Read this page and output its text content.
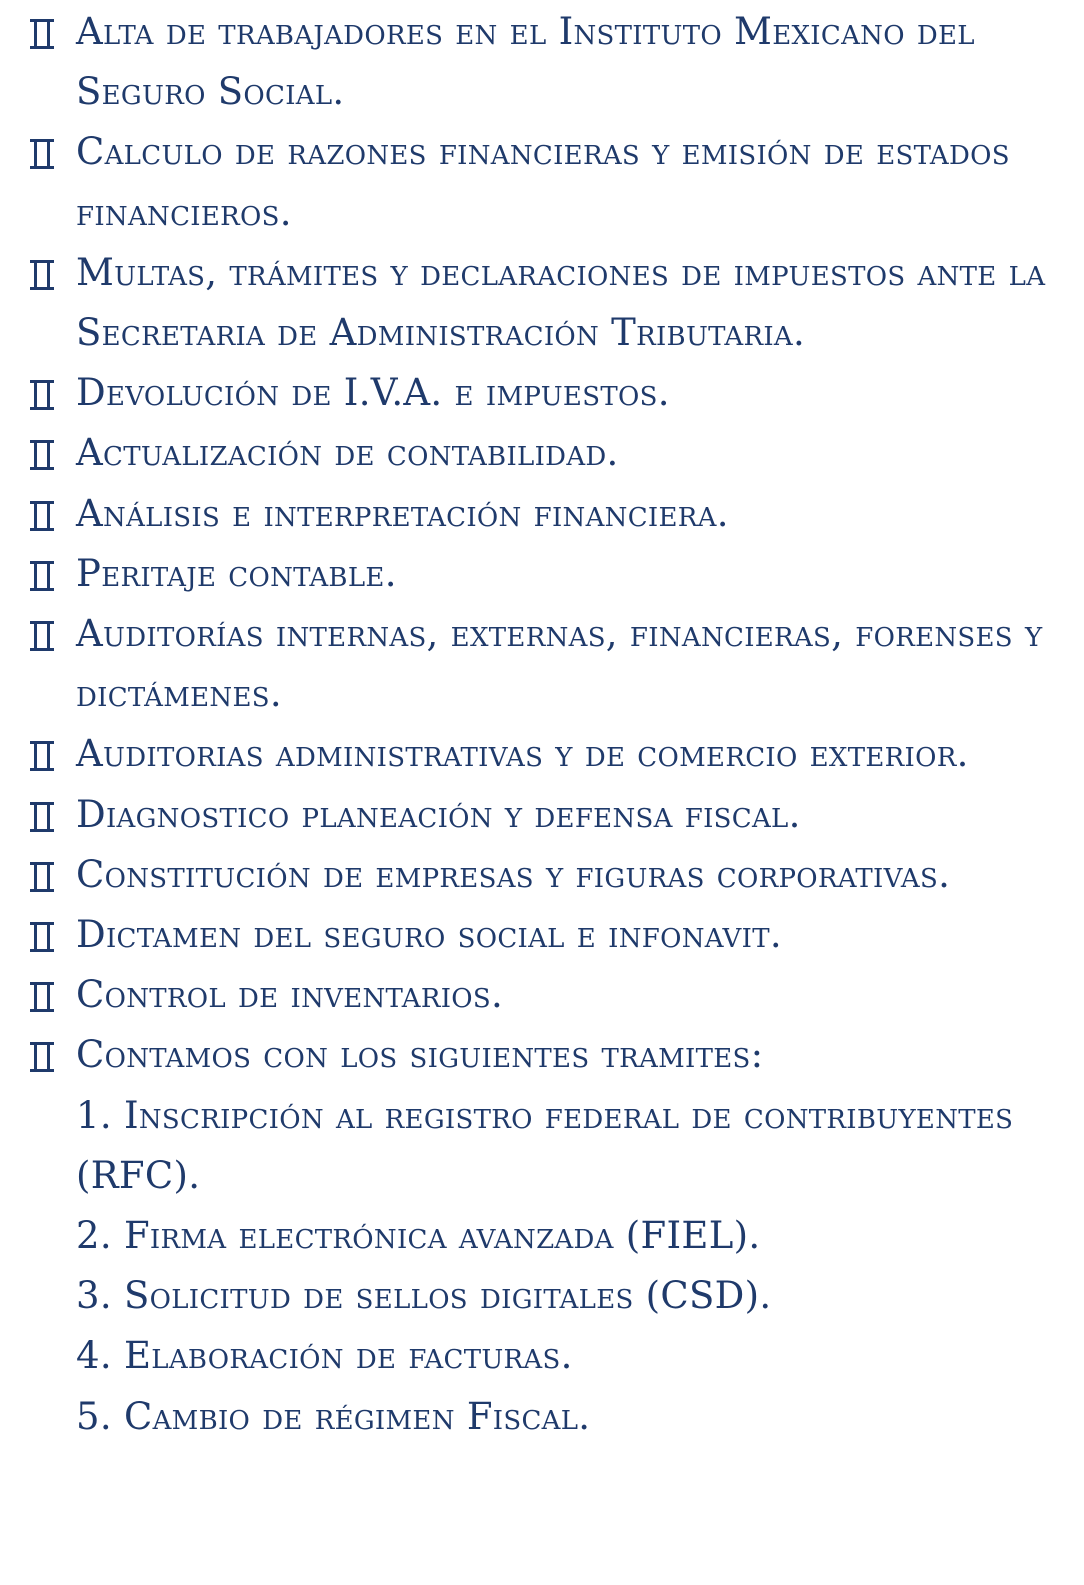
Alta de trabajadores en el Instituto Mexicano del Seguro Social.
Calculo de razones financieras y emisión de estados financieros.
Multas, trámites y declaraciones de impuestos ante la Secretaria de Administración Tributaria.
Devolución de I.V.A. e impuestos.
Actualización de contabilidad.
Análisis e interpretación financiera.
Peritaje contable.
Auditorías internas, externas, financieras, forenses y dictámenes.
Auditorias administrativas y de comercio exterior.
Diagnostico planeación y defensa fiscal.
Constitución de empresas y figuras corporativas.
Dictamen del seguro social e infonavit.
Control de inventarios.
Contamos con los siguientes tramites:
1. Inscripción al registro federal de contribuyentes (RFC).
2. Firma electrónica avanzada (FIEL).
3. Solicitud de sellos digitales (CSD).
4. Elaboración de facturas.
5. Cambio de régimen Fiscal.
